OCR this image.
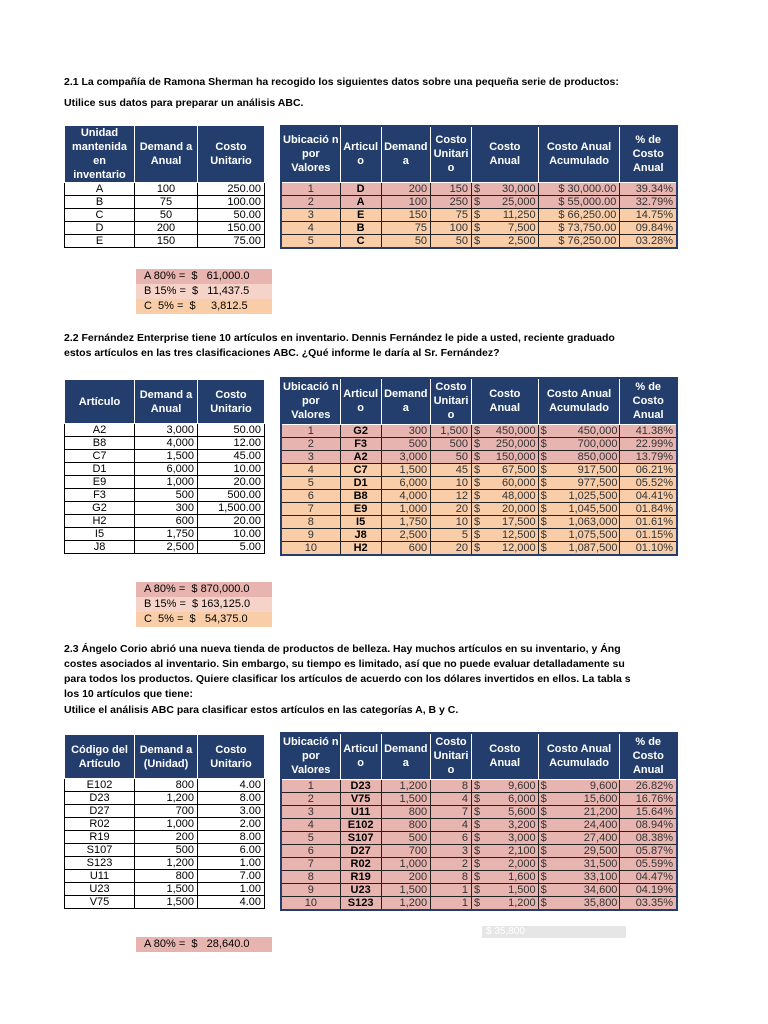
2.1 La compañía de Ramona Sherman ha recogido los siguientes datos sobre una pequeña serie de productos:

Utilice sus datos para preparar un análisis ABC.

Unidad mantenida en inventario	Demand a Anual	Costo Unitario
A	100	250.00
B	75	100.00
C	50	50.00
D	200	150.00
E	150	75.00
Ubicació n por Valores	Articul o	Demand a	Costo Unitari o	Costo Anual	Costo Anual Acumulado	% de Costo Anual
1	D	200	150	$ 30,000	$ 30,000.00	39.34%
2	A	100	250	$ 25,000	$ 55,000.00	32.79%
3	E	150	75	$ 11,250	$ 66,250.00	14.75%
4	B	75	100	$ 7,500	$ 73,750.00	09.84%
5	C	50	50	$ 2,500	$ 76,250.00	03.28%
A 80% =  $   61,000.0
B 15% =  $   11,437.5
C  5% =  $     3,812.5

2.2 Fernández Enterprise tiene 10 artículos en inventario. Dennis Fernández le pide a usted, reciente graduado

estos artículos en las tres clasificaciones ABC. ¿Qué informe le daría al Sr. Fernández?

Artículo	Demand a Anual	Costo Unitario
A2	3,000	50.00
B8	4,000	12.00
C7	1,500	45.00
D1	6,000	10.00
E9	1,000	20.00
F3	500	500.00
G2	300	1,500.00
H2	600	20.00
I5	1,750	10.00
J8	2,500	5.00
Ubicació n por Valores	Articul o	Demand a	Costo Unitari o	Costo Anual	Costo Anual Acumulado	% de Costo Anual
1	G2	300	1,500	$ 450,000	$ 450,000	41.38%
2	F3	500	500	$ 250,000	$ 700,000	22.99%
3	A2	3,000	50	$ 150,000	$ 850,000	13.79%
4	C7	1,500	45	$ 67,500	$ 917,500	06.21%
5	D1	6,000	10	$ 60,000	$ 977,500	05.52%
6	B8	4,000	12	$ 48,000	$ 1,025,500	04.41%
7	E9	1,000	20	$ 20,000	$ 1,045,500	01.84%
8	I5	1,750	10	$ 17,500	$ 1,063,000	01.61%
9	J8	2,500	5	$ 12,500	$ 1,075,500	01.15%
10	H2	600	20	$ 12,000	$ 1,087,500	01.10%
A 80% =  $ 870,000.0
B 15% =  $ 163,125.0
C  5% =  $   54,375.0

2.3 Ángelo Corio abrió una nueva tienda de productos de belleza. Hay muchos artículos en su inventario, y Áng

costes asociados al inventario. Sin embargo, su tiempo es limitado, así que no puede evaluar detalladamente su

para todos los productos. Quiere clasificar los artículos de acuerdo con los dólares invertidos en ellos. La tabla s

los 10 artículos que tiene:

Utilice el análisis ABC para clasificar estos artículos en las categorías A, B y C.

Código del Artículo	Demand a (Unidad)	Costo Unitario
E102	800	4.00
D23	1,200	8.00
D27	700	3.00
R02	1,000	2.00
R19	200	8.00
S107	500	6.00
S123	1,200	1.00
U11	800	7.00
U23	1,500	1.00
V75	1,500	4.00
Ubicació n por Valores	Articul o	Demand a	Costo Unitari o	Costo Anual	Costo Anual Acumulado	% de Costo Anual
1	D23	1,200	8	$ 9,600	$ 9,600	26.82%
2	V75	1,500	4	$ 6,000	$ 15,600	16.76%
3	U11	800	7	$ 5,600	$ 21,200	15.64%
4	E102	800	4	$ 3,200	$ 24,400	08.94%
5	S107	500	6	$ 3,000	$ 27,400	08.38%
6	D27	700	3	$ 2,100	$ 29,500	05.87%
7	R02	1,000	2	$ 2,000	$ 31,500	05.59%
8	R19	200	8	$ 1,600	$ 33,100	04.47%
9	U23	1,500	1	$ 1,500	$ 34,600	04.19%
10	S123	1,200	1	$ 1,200	$ 35,800	03.35%
$ 35,800
A 80% =  $   28,640.0
